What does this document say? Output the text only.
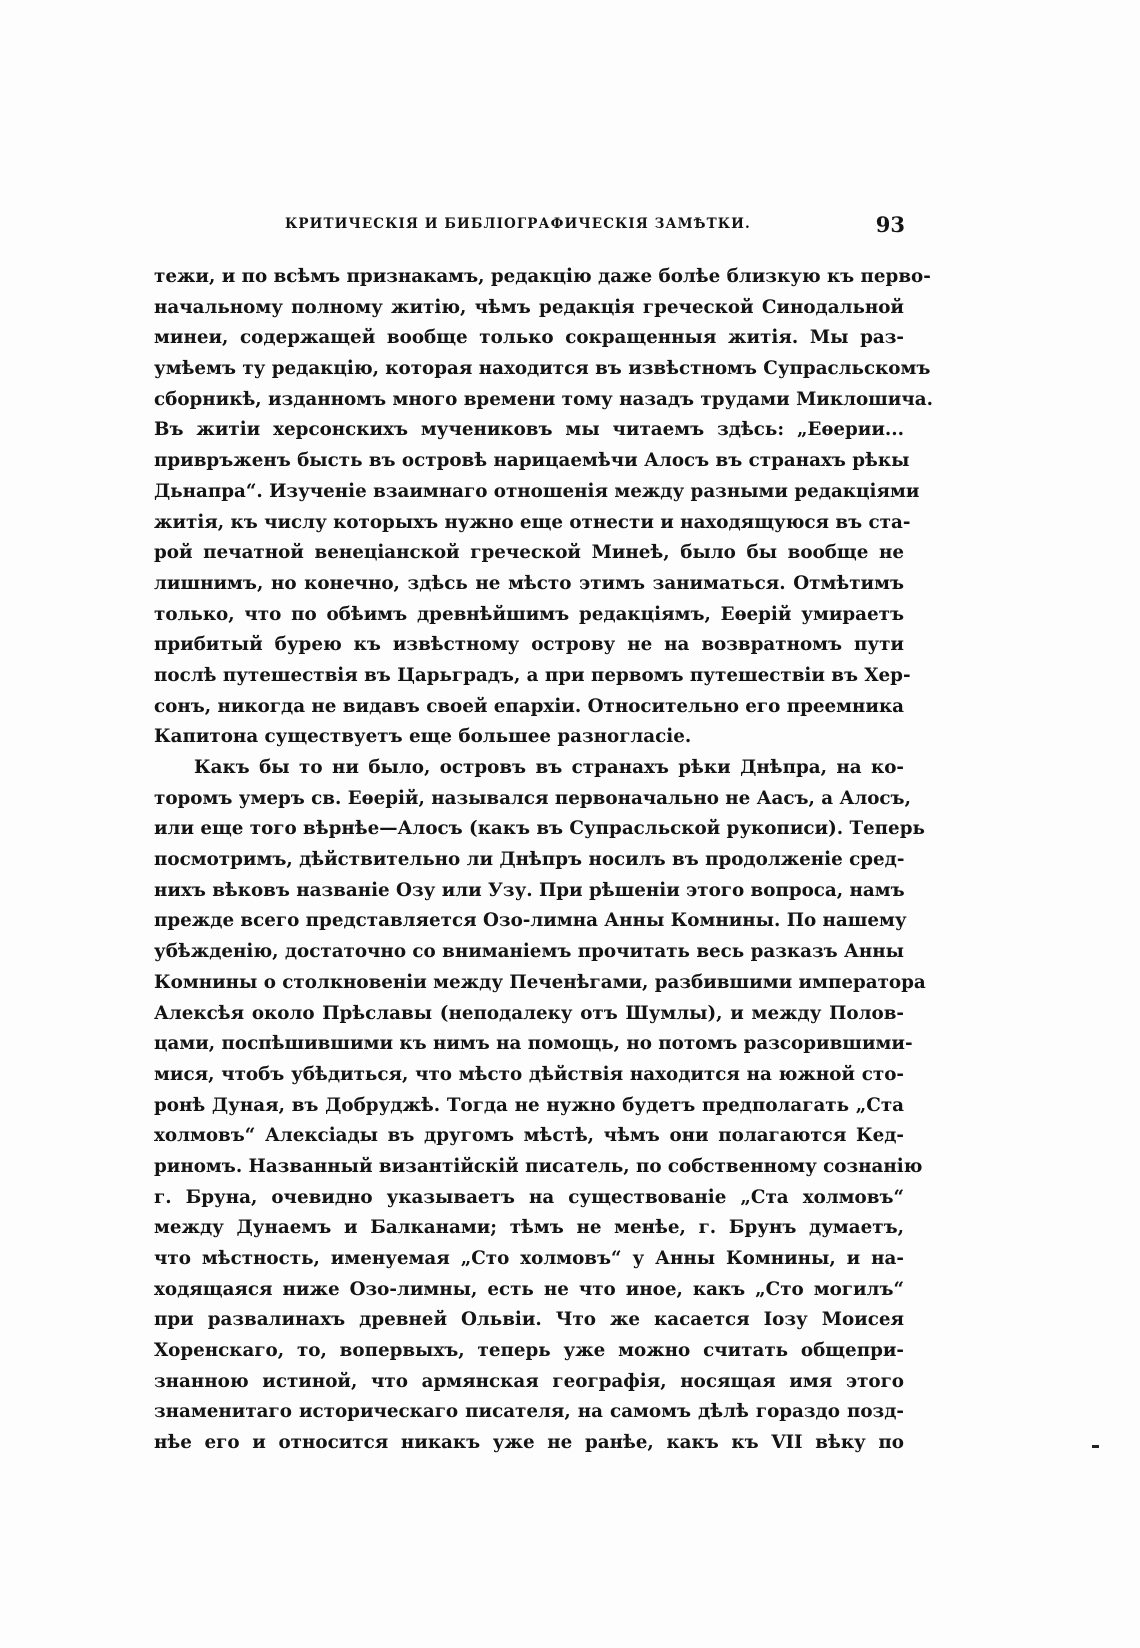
КРИТИЧЕСКІЯ И БИБЛІОГРАФИЧЕСКІЯ ЗАМѢТКИ.	93
тежи, и по всѣмъ признакамъ, редакцію даже болѣе близкую къ перво-
начальному полному житію, чѣмъ редакція греческой Синодальной
минеи, содержащей вообще только сокращенныя житія. Мы раз-
умѣемъ ту редакцію, которая находится въ извѣстномъ Супрасльскомъ
сборникѣ, изданномъ много времени тому назадъ трудами Миклошича.
Въ житіи херсонскихъ мучениковъ мы читаемъ здѣсь: „Еѳерии...
привръженъ бысть въ островѣ нарицаемѣчи Алосъ въ странахъ рѣкы
Дьнапра“. Изученіе взаимнаго отношенія между разными редакціями
житія, къ числу которыхъ нужно еще отнести и находящуюся въ ста-
рой печатной венеціанской греческой Минеѣ, было бы вообще не
лишнимъ, но конечно, здѣсь не мѣсто этимъ заниматься. Отмѣтимъ
только, что по обѣимъ древнѣйшимъ редакціямъ, Еѳерій умираетъ
прибитый бурею къ извѣстному острову не на возвратномъ пути
послѣ путешествія въ Царьградъ, а при первомъ путешествіи въ Хер-
сонъ, никогда не видавъ своей епархіи. Относительно его преемника
Капитона существуетъ еще большее разногласіе.
Какъ бы то ни было, островъ въ странахъ рѣки Днѣпра, на ко-
торомъ умеръ св. Еѳерій, назывался первоначально не Аасъ, а Алосъ,
или еще того вѣрнѣе—Алосъ (какъ въ Супрасльской рукописи). Теперь
посмотримъ, дѣйствительно ли Днѣпръ носилъ въ продолженіе сред-
нихъ вѣковъ названіе Озу или Узу. При рѣшеніи этого вопроса, намъ
прежде всего представляется Озо-лимна Анны Комнины. По нашему
убѣжденію, достаточно со вниманіемъ прочитать весь разказъ Анны
Комнины о столкновеніи между Печенѣгами, разбившими императора
Алексѣя около Прѣславы (неподалеку отъ Шумлы), и между Полов-
цами, поспѣшившими къ нимъ на помощь, но потомъ разсорившими-
мися, чтобъ убѣдиться, что мѣсто дѣйствія находится на южной сто-
ронѣ Дуная, въ Добруджѣ. Тогда не нужно будетъ предполагать „Ста
холмовъ“ Алексіады въ другомъ мѣстѣ, чѣмъ они полагаются Кед-
риномъ. Названный византійскій писатель, по собственному сознанію
г. Бруна, очевидно указываетъ на существованіе „Ста холмовъ“
между Дунаемъ и Балканами; тѣмъ не менѣе, г. Брунъ думаетъ,
что мѣстность, именуемая „Сто холмовъ“ у Анны Комнины, и на-
ходящаяся ниже Озо-лимны, есть не что иное, какъ „Сто могилъ“
при развалинахъ древней Ольвіи. Что же касается Іозу Моисея
Хоренскаго, то, вопервыхъ, теперь уже можно считать общепри-
знанною истиной, что армянская географія, носящая имя этого
знаменитаго историческаго писателя, на самомъ дѣлѣ гораздо позд-
нѣе его и относится никакъ уже не ранѣе, какъ къ VII вѣку по
